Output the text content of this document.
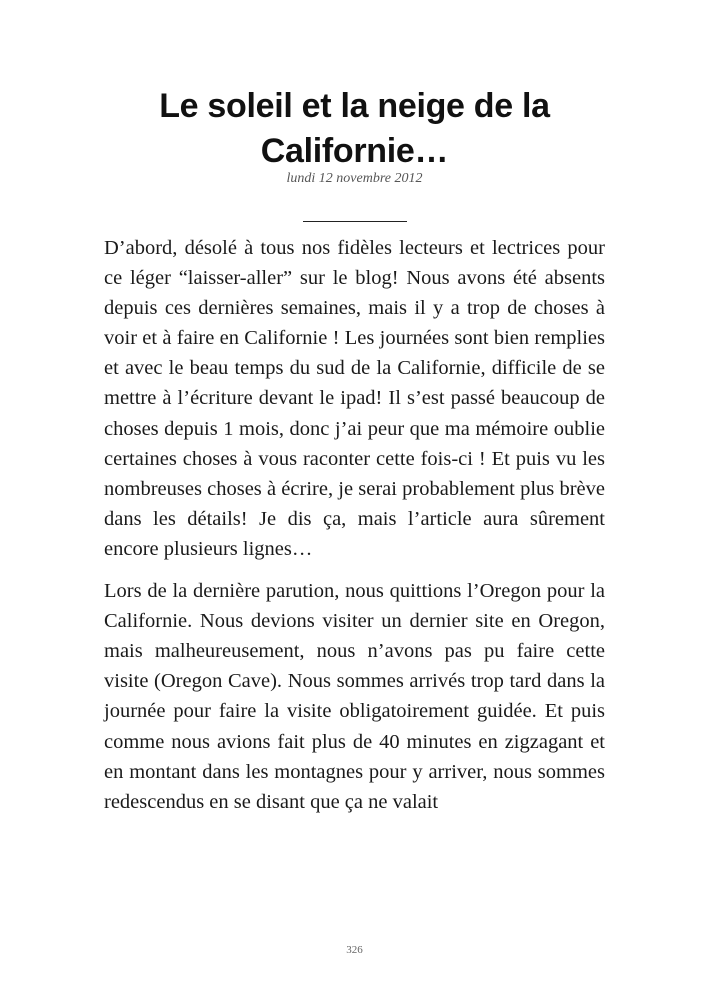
Le soleil et la neige de la Californie…
lundi 12 novembre 2012

D’abord, désolé à tous nos fidèles lecteurs et lectrices pour ce léger “laisser-aller” sur le blog! Nous avons été absents depuis ces dernières semaines, mais il y a trop de choses à voir et à faire en Californie ! Les journées sont bien remplies et avec le beau temps du sud de la Californie, difficile de se mettre à l’écriture devant le ipad! Il s’est passé beaucoup de choses depuis 1 mois, donc j’ai peur que ma mémoire oublie certaines choses à vous raconter cette fois-ci ! Et puis vu les nombreuses choses à écrire, je serai probablement plus brève dans les détails! Je dis ça, mais l’article aura sûrement encore plusieurs lignes…

Lors de la dernière parution, nous quittions l’Oregon pour la Californie. Nous devions visiter un dernier site en Oregon, mais malheureusement, nous n’avons pas pu faire cette visite (Oregon Cave). Nous sommes arrivés trop tard dans la journée pour faire la visite obligatoirement guidée. Et puis comme nous avions fait plus de 40 minutes en zigzagant et en montant dans les montagnes pour y arriver, nous sommes redescendus en se disant que ça ne valait

326
